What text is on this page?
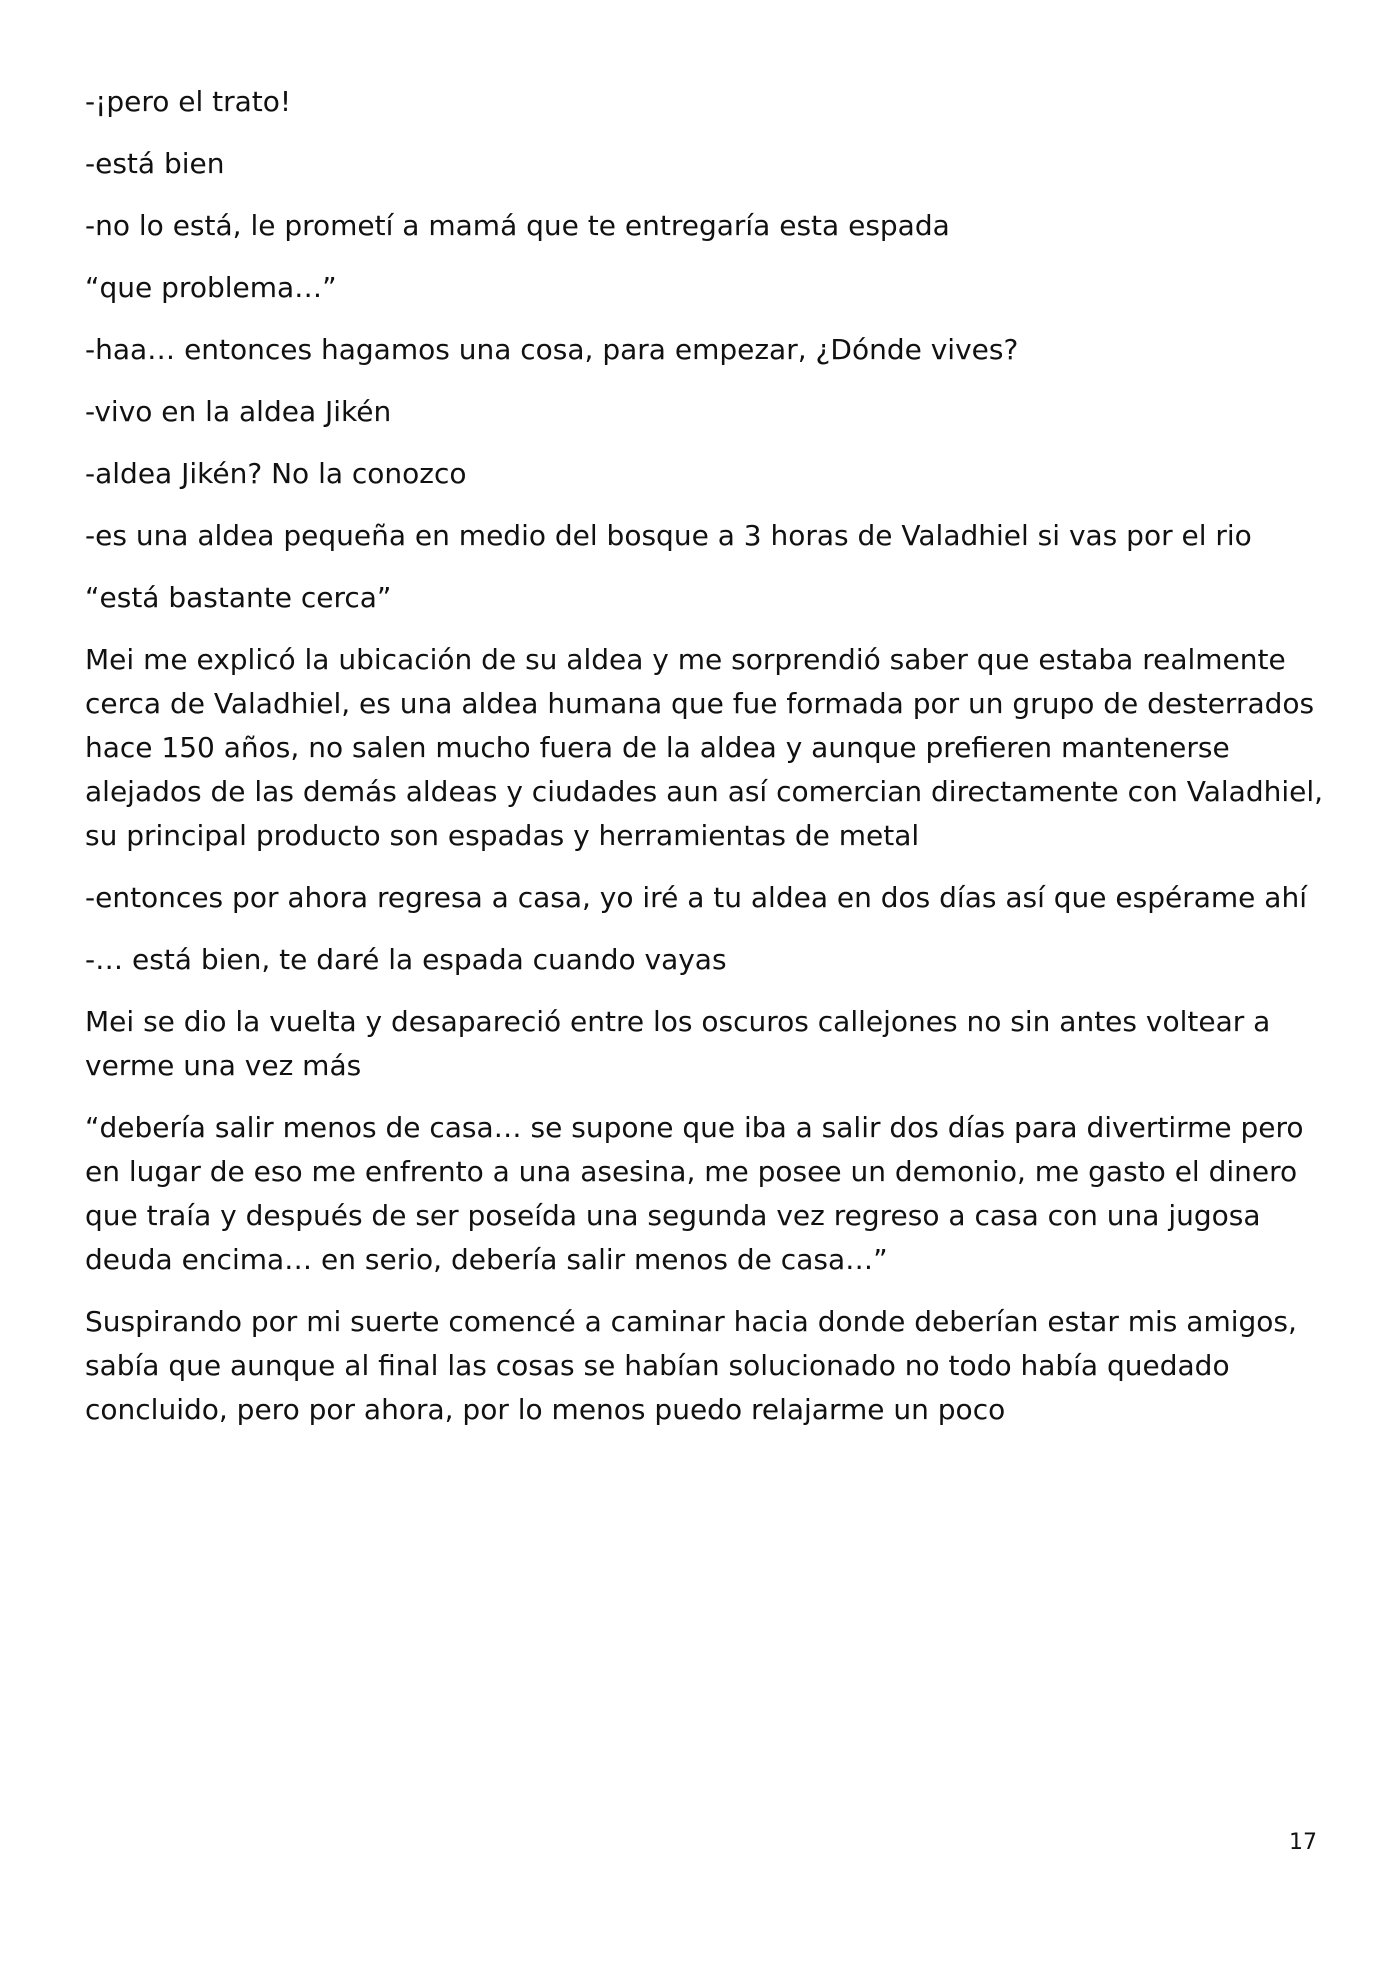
-¡pero el trato!

-está bien

-no lo está, le prometí a mamá que te entregaría esta espada

“que problema…”

-haa… entonces hagamos una cosa, para empezar, ¿Dónde vives?

-vivo en la aldea Jikén

-aldea Jikén? No la conozco

-es una aldea pequeña en medio del bosque a 3 horas de Valadhiel si vas por el rio

“está bastante cerca”

Mei me explicó la ubicación de su aldea y me sorprendió saber que estaba realmente cerca de Valadhiel, es una aldea humana que fue formada por un grupo de desterrados hace 150 años, no salen mucho fuera de la aldea y aunque prefieren mantenerse alejados de las demás aldeas y ciudades aun así comercian directamente con Valadhiel, su principal producto son espadas y herramientas de metal

-entonces por ahora regresa a casa, yo iré a tu aldea en dos días así que espérame ahí

-… está bien, te daré la espada cuando vayas

Mei se dio la vuelta y desapareció entre los oscuros callejones no sin antes voltear a verme una vez más

“debería salir menos de casa… se supone que iba a salir dos días para divertirme pero en lugar de eso me enfrento a una asesina, me posee un demonio, me gasto el dinero que traía y después de ser poseída una segunda vez regreso a casa con una jugosa deuda encima… en serio, debería salir menos de casa…”

Suspirando por mi suerte comencé a caminar hacia donde deberían estar mis amigos, sabía que aunque al final las cosas se habían solucionado no todo había quedado concluido, pero por ahora, por lo menos puedo relajarme un poco

17
